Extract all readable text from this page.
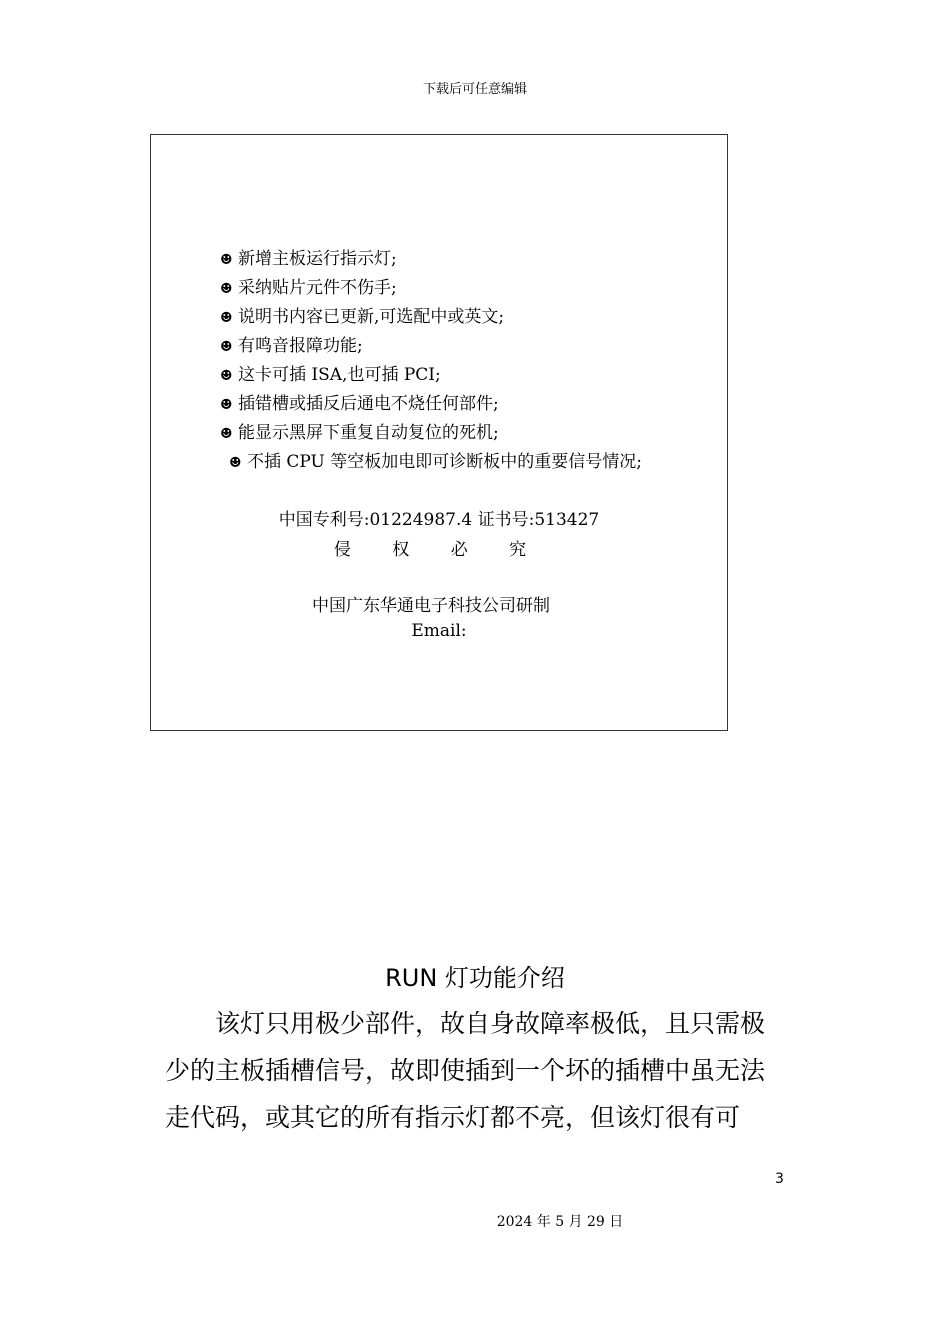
下载后可任意编辑
☻ 新增主板运行指示灯;
☻ 采纳贴片元件不伤手;
☻ 说明书内容已更新,可选配中或英文;
☻ 有鸣音报障功能;
☻ 这卡可插 ISA,也可插 PCI;
☻ 插错槽或插反后通电不烧任何部件;
☻ 能显示黑屏下重复自动复位的死机;
☻ 不插 CPU 等空板加电即可诊断板中的重要信号情况;
中国专利号:01224987.4 证书号:513427
侵 权 必 究
中国广东华通电子科技公司研制
Email:
RUN 灯功能介绍

该灯只用极少部件，故自身故障率极低，且只需极少的主板插槽信号，故即使插到一个坏的插槽中虽无法走代码，或其它的所有指示灯都不亮，但该灯很有可

3
2024 年 5 月 29 日
